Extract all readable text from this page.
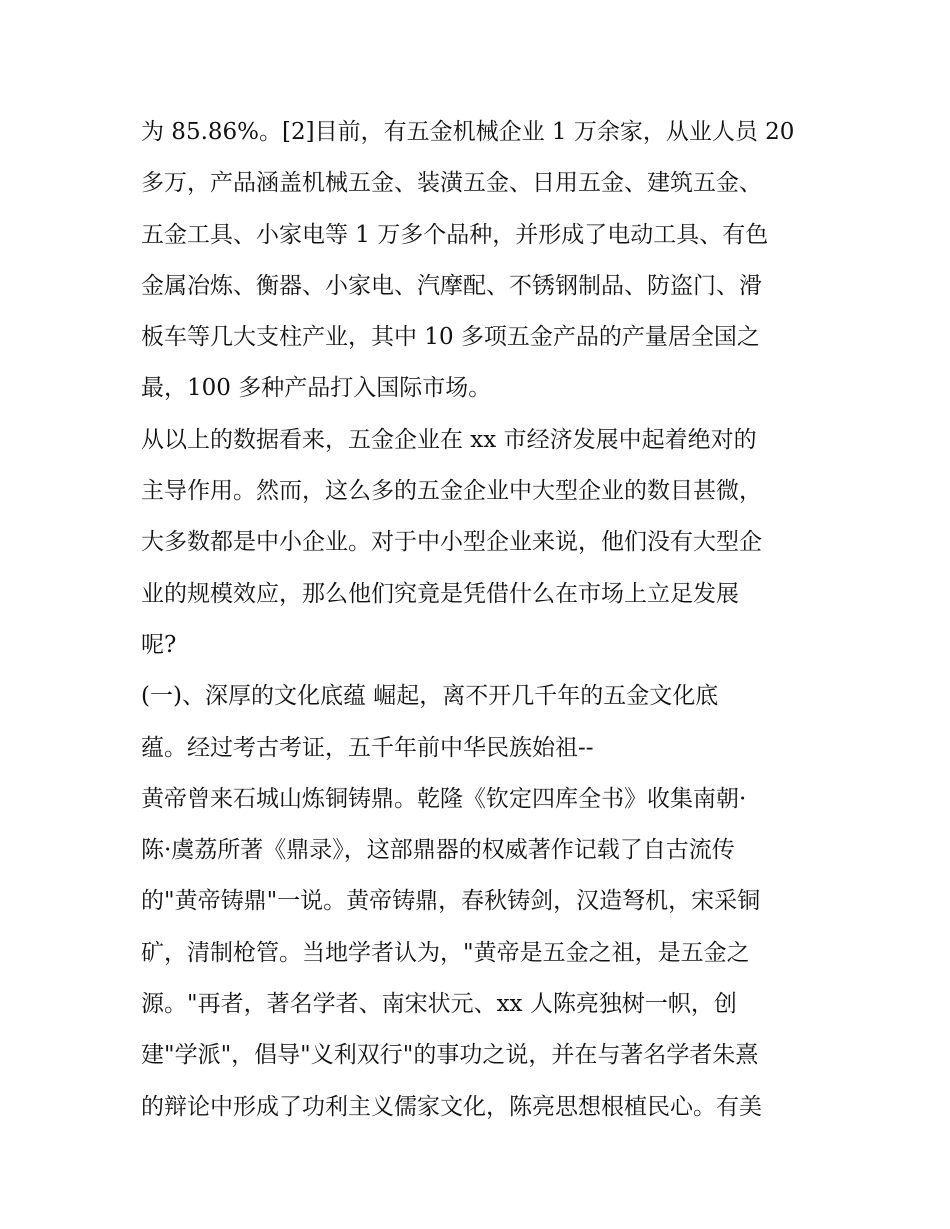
为 85.86%。[2]目前，有五金机械企业 1 万余家，从业人员 20
多万，产品涵盖机械五金、装潢五金、日用五金、建筑五金、
五金工具、小家电等 1 万多个品种，并形成了电动工具、有色
金属冶炼、衡器、小家电、汽摩配、不锈钢制品、防盗门、滑
板车等几大支柱产业，其中 10 多项五金产品的产量居全国之
最，100 多种产品打入国际市场。
从以上的数据看来，五金企业在 xx 市经济发展中起着绝对的
主导作用。然而，这么多的五金企业中大型企业的数目甚微，
大多数都是中小企业。对于中小型企业来说，他们没有大型企
业的规模效应，那么他们究竟是凭借什么在市场上立足发展
呢?
(一)、深厚的文化底蕴 崛起，离不开几千年的五金文化底
蕴。经过考古考证，五千年前中华民族始祖--
黄帝曾来石城山炼铜铸鼎。乾隆《钦定四库全书》收集南朝·
陈·虞荔所著《鼎录》，这部鼎器的权威著作记载了自古流传
的"黄帝铸鼎"一说。黄帝铸鼎，春秋铸剑，汉造弩机，宋采铜
矿，清制枪管。当地学者认为，"黄帝是五金之祖，是五金之
源。"再者，著名学者、南宋状元、xx 人陈亮独树一帜，创
建"学派"，倡导"义利双行"的事功之说，并在与著名学者朱熹
的辩论中形成了功利主义儒家文化，陈亮思想根植民心。有美
